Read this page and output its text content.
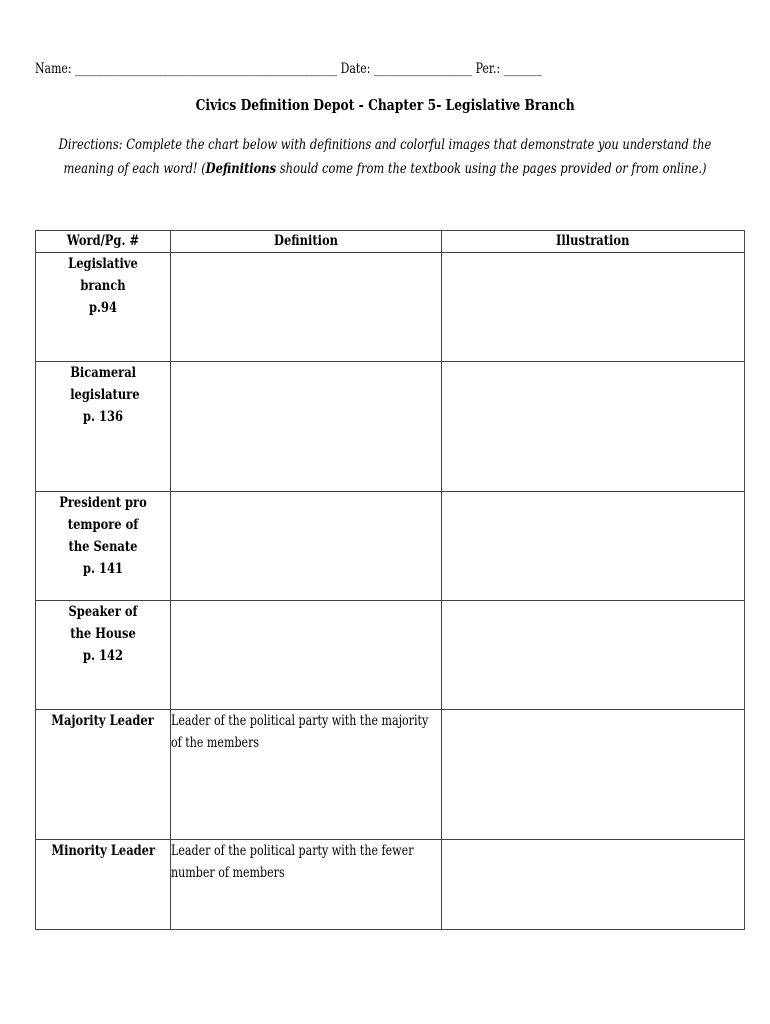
Name: ________________________________________________ Date: __________________ Per.: _______
Civics Definition Depot - Chapter 5- Legislative Branch
Directions: Complete the chart below with definitions and colorful images that demonstrate you understand the meaning of each word! (Definitions should come from the textbook using the pages provided or from online.)
Word/Pg. #	Definition	Illustration

Legislative branch
p.94		

Bicameral legislature
p. 136		

President pro tempore of the Senate
p. 141		

Speaker of the House
p. 142		

Majority Leader	Leader of the political party with the majority of the members	

Minority Leader	Leader of the political party with the fewer number of members	
